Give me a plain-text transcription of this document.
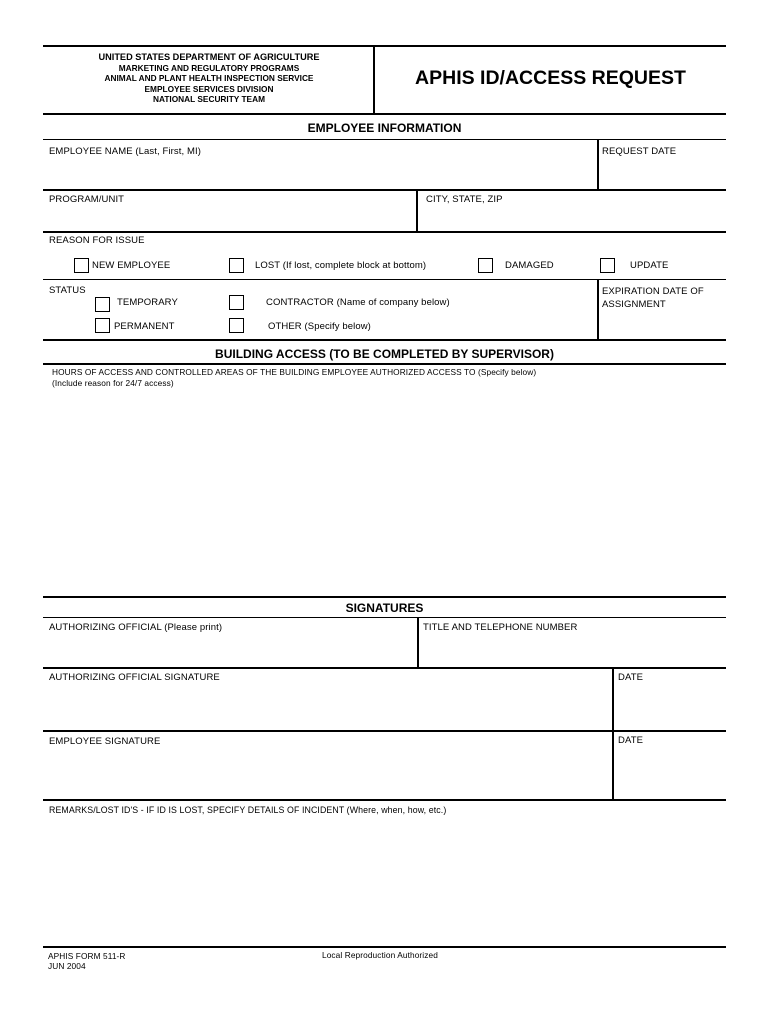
UNITED STATES DEPARTMENT OF AGRICULTURE
MARKETING AND REGULATORY PROGRAMS
ANIMAL AND PLANT HEALTH INSPECTION SERVICE
EMPLOYEE SERVICES DIVISION
NATIONAL SECURITY TEAM
APHIS ID/ACCESS REQUEST
EMPLOYEE INFORMATION
EMPLOYEE NAME (Last, First, MI)	REQUEST DATE
PROGRAM/UNIT	CITY, STATE, ZIP
REASON FOR ISSUE
NEW EMPLOYEE	LOST (If lost, complete block at bottom)	DAMAGED	UPDATE
STATUS
TEMPORARY	CONTRACTOR (Name of company below)
PERMANENT	OTHER (Specify below)
EXPIRATION DATE OF
ASSIGNMENT
BUILDING ACCESS (TO BE COMPLETED BY SUPERVISOR)
HOURS OF ACCESS AND CONTROLLED AREAS OF THE BUILDING EMPLOYEE AUTHORIZED ACCESS TO (Specify below)
(Include reason for 24/7 access)
SIGNATURES
AUTHORIZING OFFICIAL (Please print)	TITLE AND TELEPHONE NUMBER
AUTHORIZING OFFICIAL SIGNATURE	DATE
EMPLOYEE SIGNATURE	DATE
REMARKS/LOST ID'S - IF ID IS LOST, SPECIFY DETAILS OF INCIDENT (Where, when, how, etc.)
APHIS FORM 511-R
JUN 2004
Local Reproduction Authorized
